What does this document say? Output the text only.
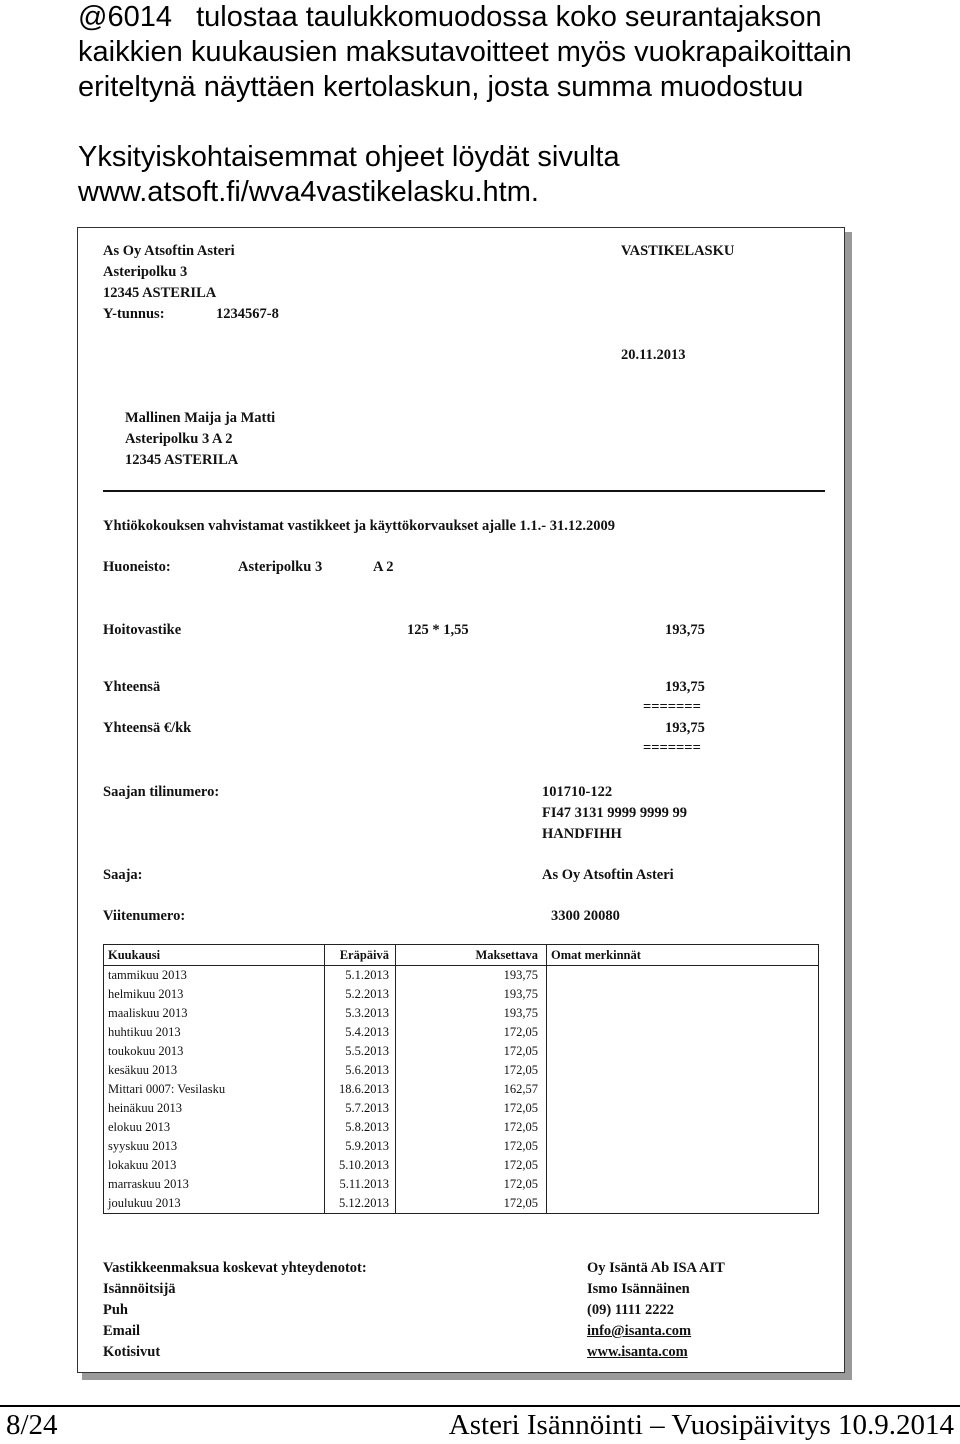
@6014   tulostaa taulukkomuodossa koko seurantajakson
kaikkien kuukausien maksutavoitteet myös vuokrapaikoittain
eriteltynä näyttäen kertolaskun, josta summa muodostuu

Yksityiskohtaisemmat ohjeet löydät sivulta
www.atsoft.fi/wva4vastikelasku.htm.

As Oy Atsoftin Asteri
Asteripolku 3
12345 ASTERILA
Y-tunnus:	1234567-8
VASTIKELASKU
20.11.2013
Mallinen Maija ja Matti
Asteripolku 3 A 2
12345 ASTERILA
Yhtiökokouksen vahvistamat vastikkeet ja käyttökorvaukset ajalle 1.1.- 31.12.2009
Huoneisto:	Asteripolku 3	A 2
Hoitovastike	125 * 1,55	193,75
Yhteensä	193,75
=======
Yhteensä €/kk	193,75
=======
Saajan tilinumero:	101710-122
FI47 3131 9999 9999 99
HANDFIHH
Saaja:	As Oy Atsoftin Asteri
Viitenumero:	3300 20080
Kuukausi	Eräpäivä	Maksettava	Omat merkinnät
tammikuu 2013	5.1.2013	193,75	
helmikuu 2013	5.2.2013	193,75	
maaliskuu 2013	5.3.2013	193,75	
huhtikuu 2013	5.4.2013	172,05	
toukokuu 2013	5.5.2013	172,05	
kesäkuu 2013	5.6.2013	172,05	
Mittari 0007: Vesilasku	18.6.2013	162,57	
heinäkuu 2013	5.7.2013	172,05	
elokuu 2013	5.8.2013	172,05	
syyskuu 2013	5.9.2013	172,05	
lokakuu 2013	5.10.2013	172,05	
marraskuu 2013	5.11.2013	172,05	
joulukuu 2013	5.12.2013	172,05	
Vastikkeenmaksua koskevat yhteydenotot:	Oy Isäntä Ab ISA AIT
Isännöitsijä	Ismo Isännäinen
Puh	(09) 1111 2222
Email	info@isanta.com
Kotisivut	www.isanta.com
8/24	Asteri Isännöinti – Vuosipäivitys 10.9.2014
